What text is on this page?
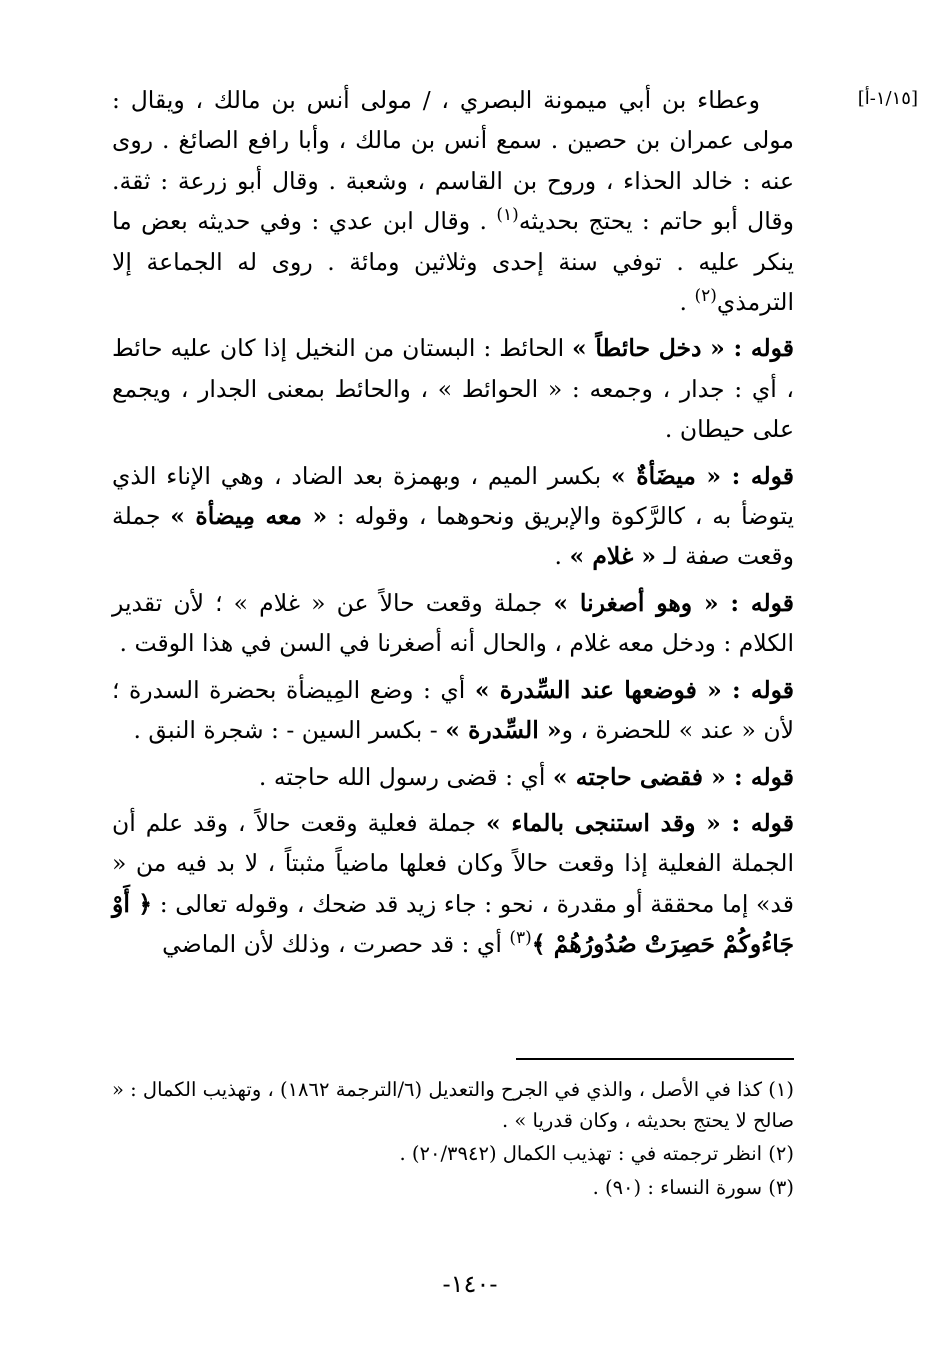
[١/١٥-أ]

وعطاء بن أبي ميمونة البصري ، / مولى أنس بن مالك ، ويقال : مولى عمران بن حصين . سمع أنس بن مالك ، وأبا رافع الصائغ . روى عنه : خالد الحذاء ، وروح بن القاسم ، وشعبة . وقال أبو زرعة : ثقة. وقال أبو حاتم : يحتج بحديثه$^{(١)}$ . وقال ابن عدي : وفي حديثه بعض ما ينكر عليه . توفي سنة إحدى وثلاثين ومائة . روى له الجماعة إلا الترمذي$^{(٢)}$ .

قوله : « دخل حائطاً » الحائط : البستان من النخيل إذا كان عليه حائط ، أي : جدار ، وجمعه : « الحوائط » ، والحائط بمعنى الجدار ، ويجمع على حيطان .

قوله : « ميضَأةٌ » بكسر الميم ، وبهمزة بعد الضاد ، وهي الإناء الذي يتوضأ به ، كالرَّكوة والإبريق ونحوهما ، وقوله : « معه مِيضأة » جملة وقعت صفة لـ « غلام » .

قوله : « وهو أصغرنا » جملة وقعت حالاً عن « غلام » ؛ لأن تقدير الكلام : ودخل معه غلام ، والحال أنه أصغرنا في السن في هذا الوقت .

قوله : « فوضعها عند السِّدرة » أي : وضع المِيضأة بحضرة السدرة ؛ لأن « عند » للحضرة ، و« السِّدرة » - بكسر السين - : شجرة النبق .

قوله : « فقضى حاجته » أي : قضى رسول الله حاجته .

قوله : « وقد استنجى بالماء » جملة فعلية وقعت حالاً ، وقد علم أن الجملة الفعلية إذا وقعت حالاً وكان فعلها ماضياً مثبتاً ، لا بد فيه من « قد» إما محققة أو مقدرة ، نحو : جاء زيد قد ضحك ، وقوله تعالى : ﴿ أَوْ جَاءُوكُمْ حَصِرَتْ صُدُورُهُمْ ﴾$^{(٣)}$ أي : قد حصرت ، وذلك لأن الماضي

(١) كذا في الأصل ، والذي في الجرح والتعديل (٦/الترجمة ١٨٦٢) ، وتهذيب الكمال : « صالح لا يحتج بحديثه ، وكان قدريا » .

(٢) انظر ترجمته في : تهذيب الكمال (٢٠/٣٩٤٢) .

(٣) سورة النساء : (٩٠) .

-١٤٠-
